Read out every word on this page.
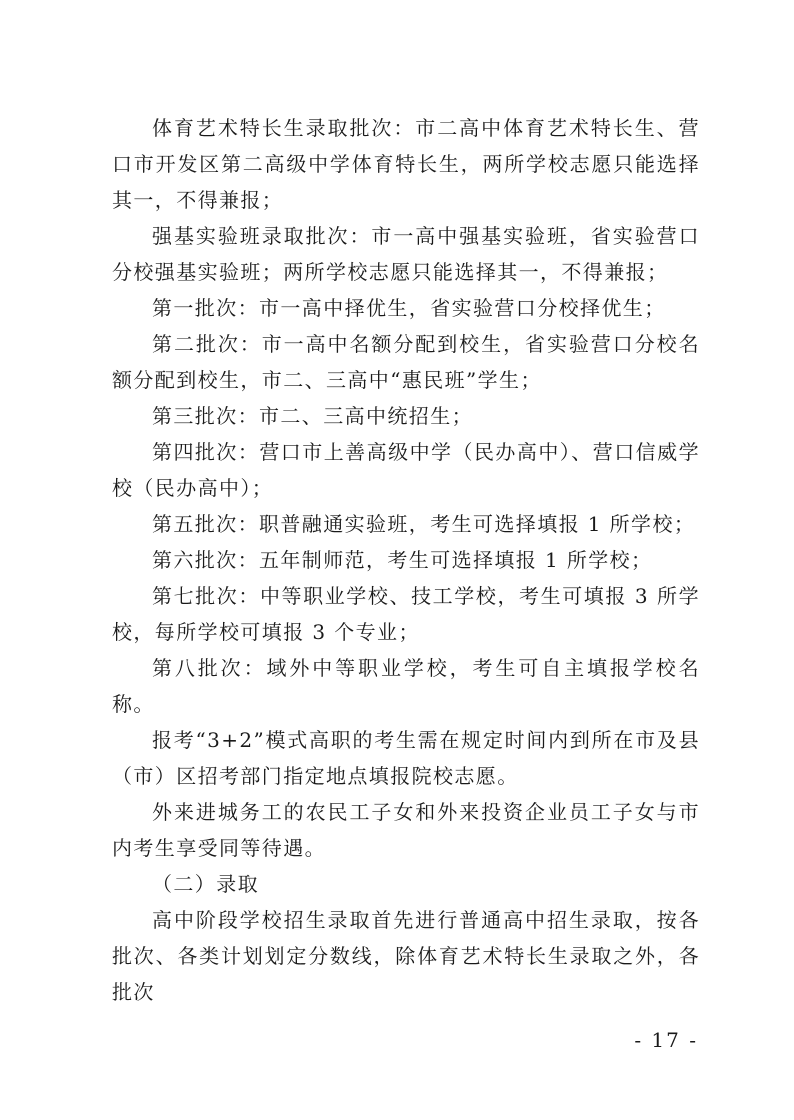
体育艺术特长生录取批次：市二高中体育艺术特长生、营口市开发区第二高级中学体育特长生，两所学校志愿只能选择其一，不得兼报；

强基实验班录取批次：市一高中强基实验班，省实验营口分校强基实验班；两所学校志愿只能选择其一，不得兼报；

第一批次：市一高中择优生，省实验营口分校择优生；

第二批次：市一高中名额分配到校生，省实验营口分校名额分配到校生，市二、三高中“惠民班”学生；

第三批次：市二、三高中统招生；

第四批次：营口市上善高级中学（民办高中）、营口信威学校（民办高中）；

第五批次：职普融通实验班，考生可选择填报 1 所学校；

第六批次：五年制师范，考生可选择填报 1 所学校；

第七批次：中等职业学校、技工学校，考生可填报 3 所学校，每所学校可填报 3 个专业；

第八批次：域外中等职业学校，考生可自主填报学校名称。

报考“3+2”模式高职的考生需在规定时间内到所在市及县（市）区招考部门指定地点填报院校志愿。

外来进城务工的农民工子女和外来投资企业员工子女与市内考生享受同等待遇。

（二）录取

高中阶段学校招生录取首先进行普通高中招生录取，按各批次、各类计划划定分数线，除体育艺术特长生录取之外，各批次

- 17 -
